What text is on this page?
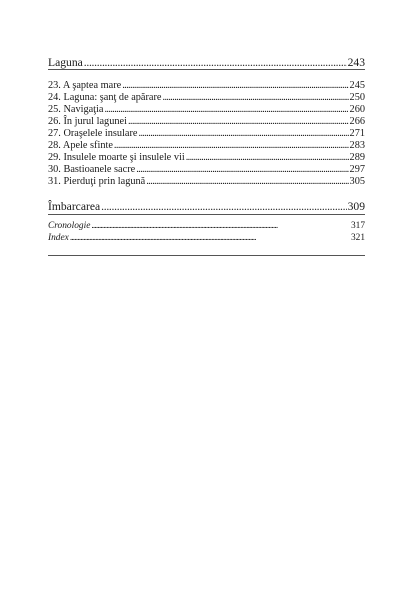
Laguna . . .	243
23. A şaptea mare . . .	245
24. Laguna: şanţ de apărare . . .	250
25. Navigaţia . . .	260
26. În jurul lagunei . . .	266
27. Oraşelele insulare . . .	271
28. Apele sfinte . . .	283
29. Insulele moarte şi insulele vii . . .	289
30. Bastioanele sacre . . .	297
31. Pierduţi prin lagună . . .	305
Îmbarcarea . . .	309
Cronologie . . .	317
Index . . .	321
